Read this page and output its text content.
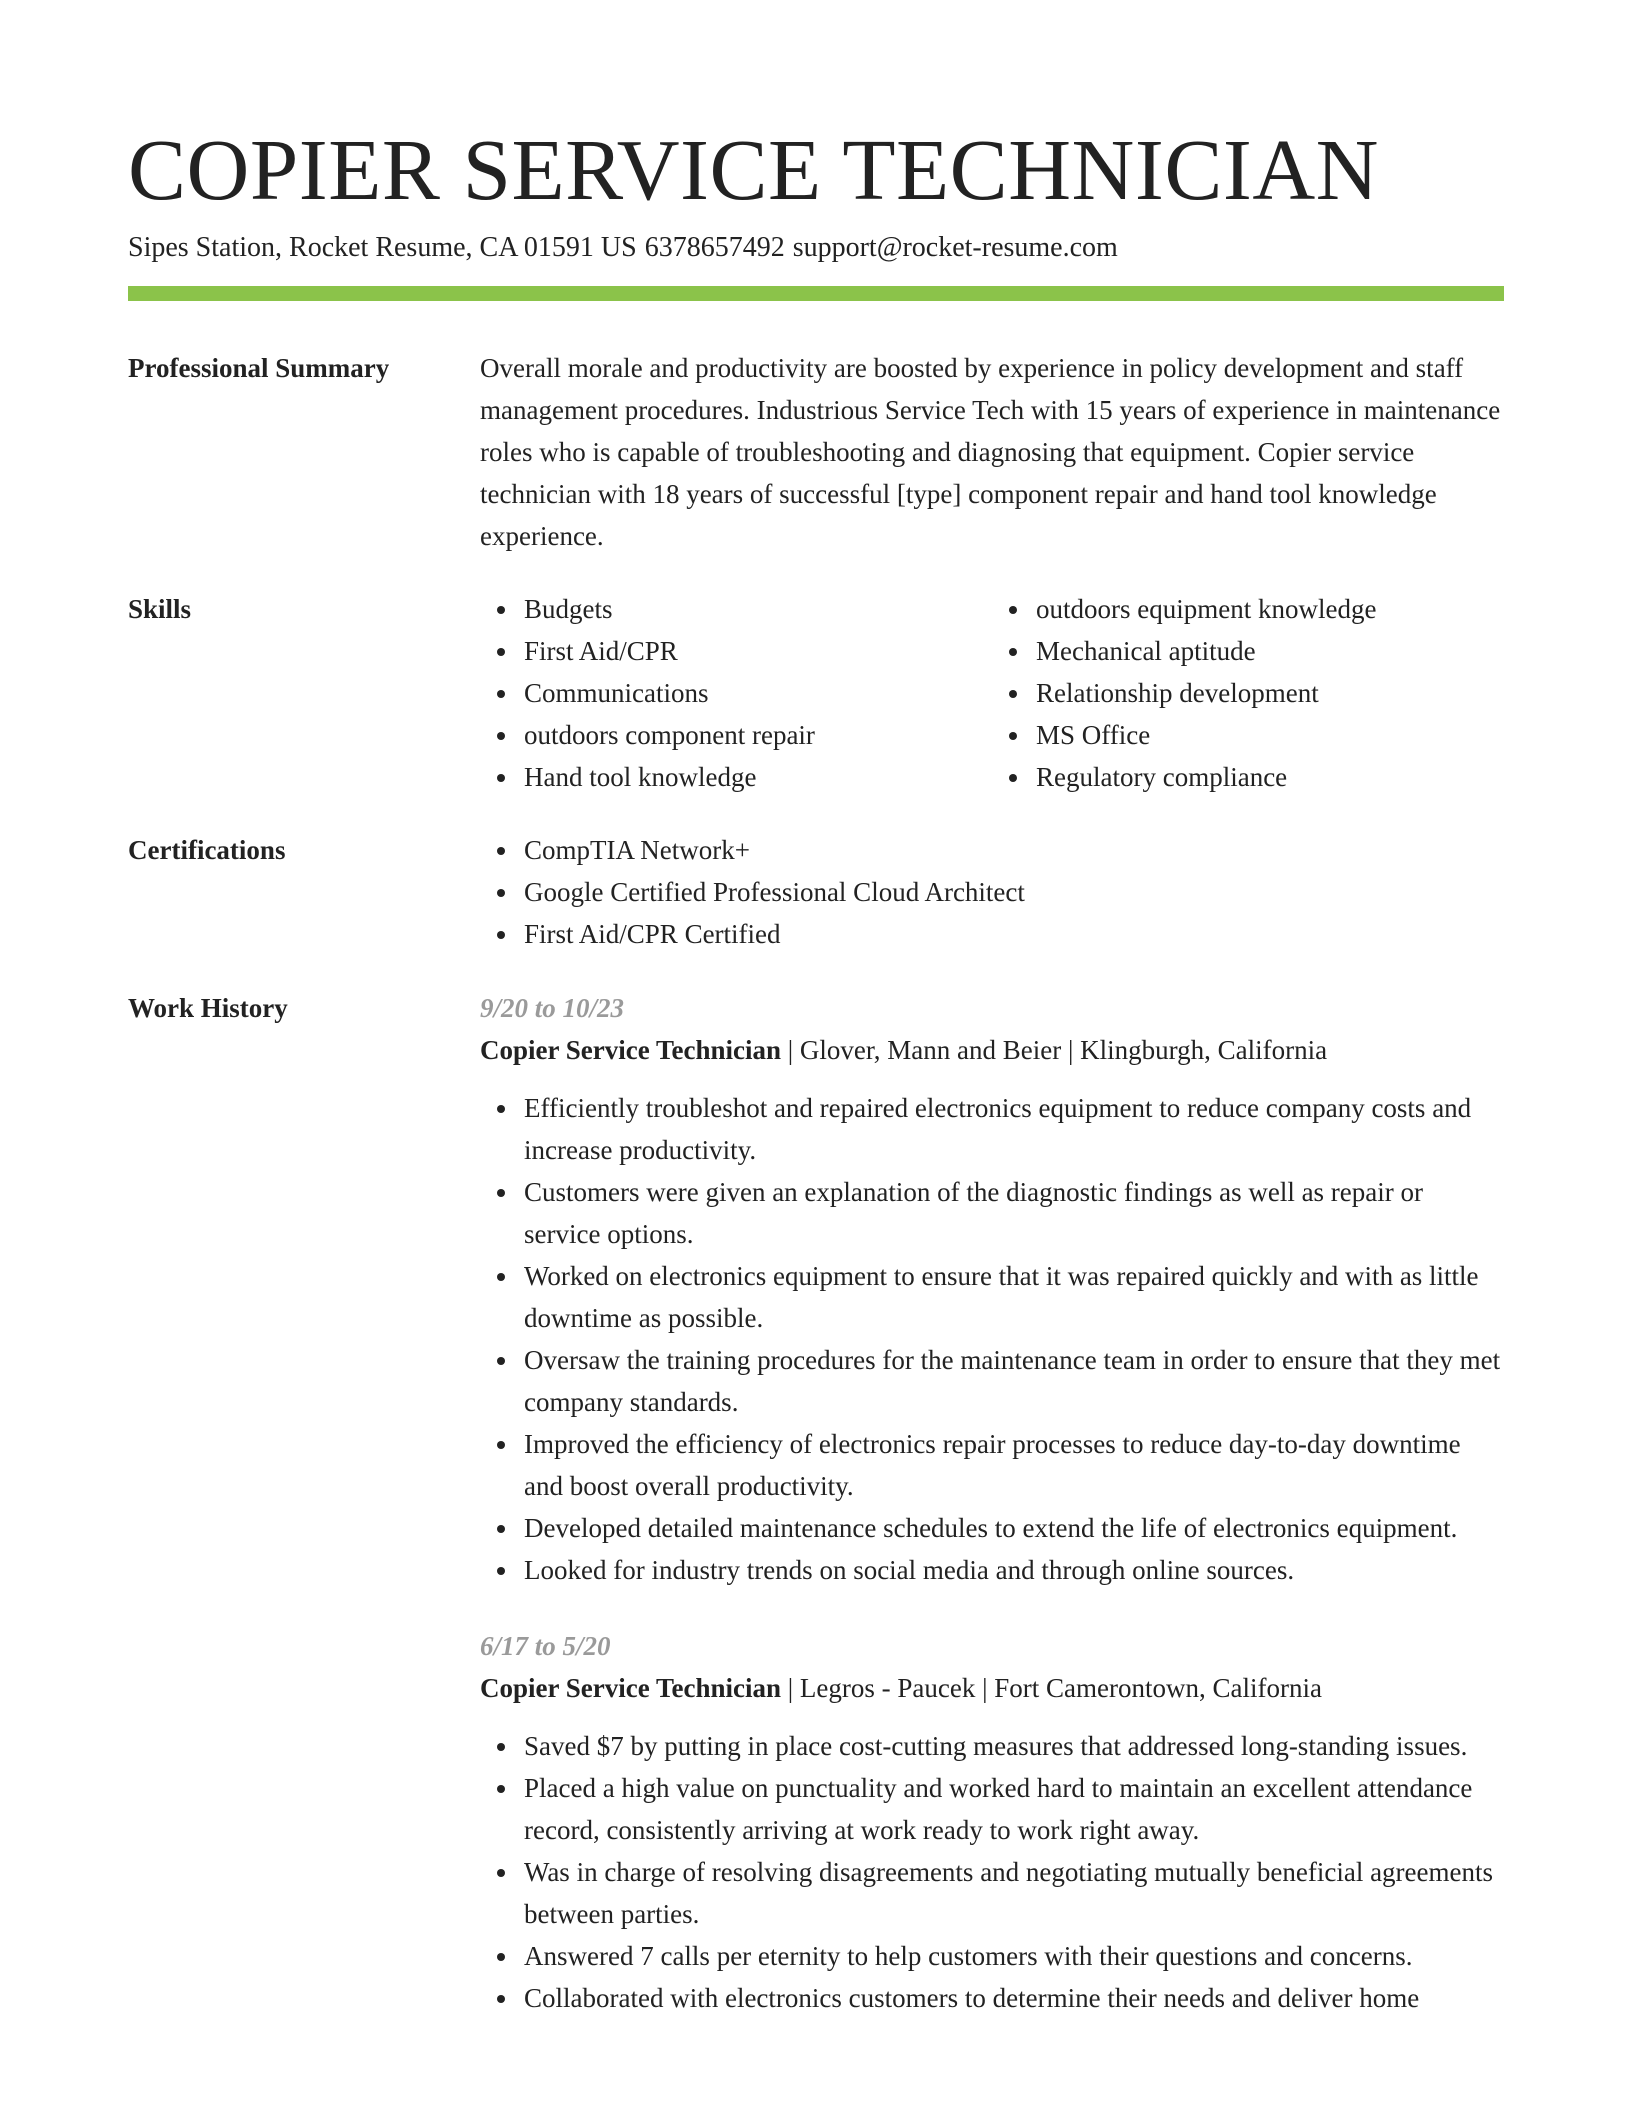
COPIER SERVICE TECHNICIAN
Sipes Station, Rocket Resume, CA 01591 US 6378657492 support@rocket-resume.com
Professional Summary	Overall morale and productivity are boosted by experience in policy development and staff management procedures. Industrious Service Tech with 15 years of experience in maintenance roles who is capable of troubleshooting and diagnosing that equipment. Copier service technician with 18 years of successful [type] component repair and hand tool knowledge experience.

Skills	Budgets
First Aid/CPR
Communications
outdoors component repair
Hand tool knowledge
outdoors equipment knowledge
Mechanical aptitude
Relationship development
MS Office
Regulatory compliance
Certifications	CompTIA Network+
Google Certified Professional Cloud Architect
First Aid/CPR Certified
Work History	9/20 to 10/23
Copier Service Technician | Glover, Mann and Beier | Klingburgh, California
Efficiently troubleshot and repaired electronics equipment to reduce company costs and increase productivity.
Customers were given an explanation of the diagnostic findings as well as repair or service options.
Worked on electronics equipment to ensure that it was repaired quickly and with as little downtime as possible.
Oversaw the training procedures for the maintenance team in order to ensure that they met company standards.
Improved the efficiency of electronics repair processes to reduce day-to-day downtime and boost overall productivity.
Developed detailed maintenance schedules to extend the life of electronics equipment.
Looked for industry trends on social media and through online sources.
6/17 to 5/20
Copier Service Technician | Legros - Paucek | Fort Camerontown, California
Saved $7 by putting in place cost-cutting measures that addressed long-standing issues.
Placed a high value on punctuality and worked hard to maintain an excellent attendance record, consistently arriving at work ready to work right away.
Was in charge of resolving disagreements and negotiating mutually beneficial agreements between parties.
Answered 7 calls per eternity to help customers with their questions and concerns.
Collaborated with electronics customers to determine their needs and deliver home
